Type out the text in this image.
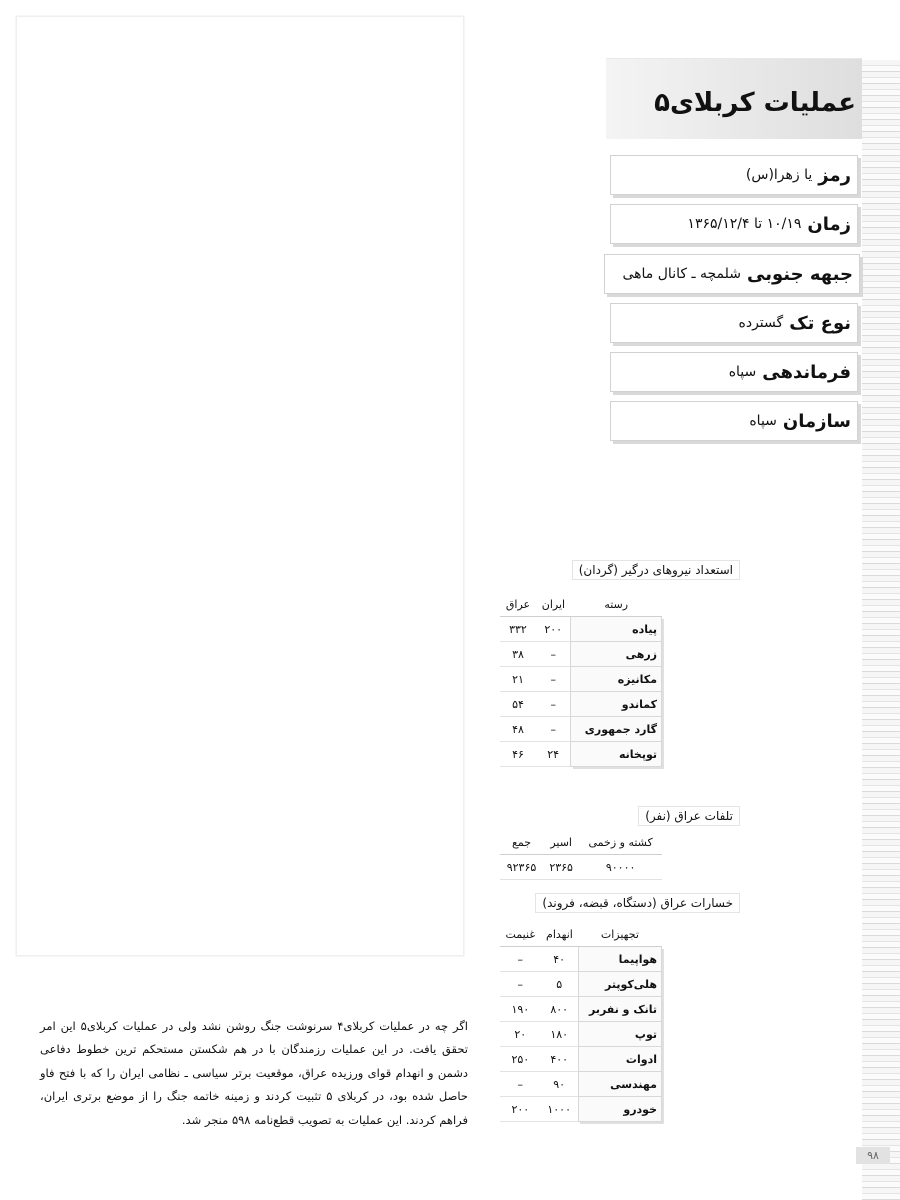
عملیات کربلای۵
رمز
یا زهرا(س)
زمان
۱۰/۱۹ تا ۱۳۶۵/۱۲/۴
جبهه جنوبی
شلمچه ـ کانال ماهی
نوع تک
گسترده
فرماندهی
سپاه
سازمان
سپاه
استعداد نیروهای درگیر (گردان)
رسته	ایران	عراق
پیاده	۲۰۰	۳۳۲
زرهی	–	۳۸
مکانیزه	–	۲۱
کماندو	–	۵۴
گارد جمهوری	–	۴۸
توپخانه	۲۴	۴۶
تلفات عراق (نفر)
کشته و زخمی	اسیر	جمع
۹۰۰۰۰	۲۳۶۵	۹۲۳۶۵
خسارات عراق (دستگاه، قبضه، فروند)
تجهیزات	انهدام	غنیمت
هواپیما	۴۰	–
هلی‌کوپتر	۵	–
تانک و نفربر	۸۰۰	۱۹۰
توپ	۱۸۰	۲۰
ادوات	۴۰۰	۲۵۰
مهندسی	۹۰	–
خودرو	۱۰۰۰	۲۰۰

اگر چه در عملیات کربلای۴ سرنوشت جنگ روشن نشد ولی در عملیات کربلای۵ این امر تحقق یافت. در این عملیات رزمندگان با در هم شکستن مستحکم ترین خطوط دفاعی دشمن و انهدام قوای ورزیده عراق، موقعیت برتر سیاسی ـ نظامی ایران را که با فتح فاو حاصل شده بود، در کربلای ۵ تثبیت کردند و زمینه خاتمه جنگ را از موضع برتری ایران، فراهم کردند. این عملیات به تصویب قطع‌نامه ۵۹۸ منجر شد.

۹۸
